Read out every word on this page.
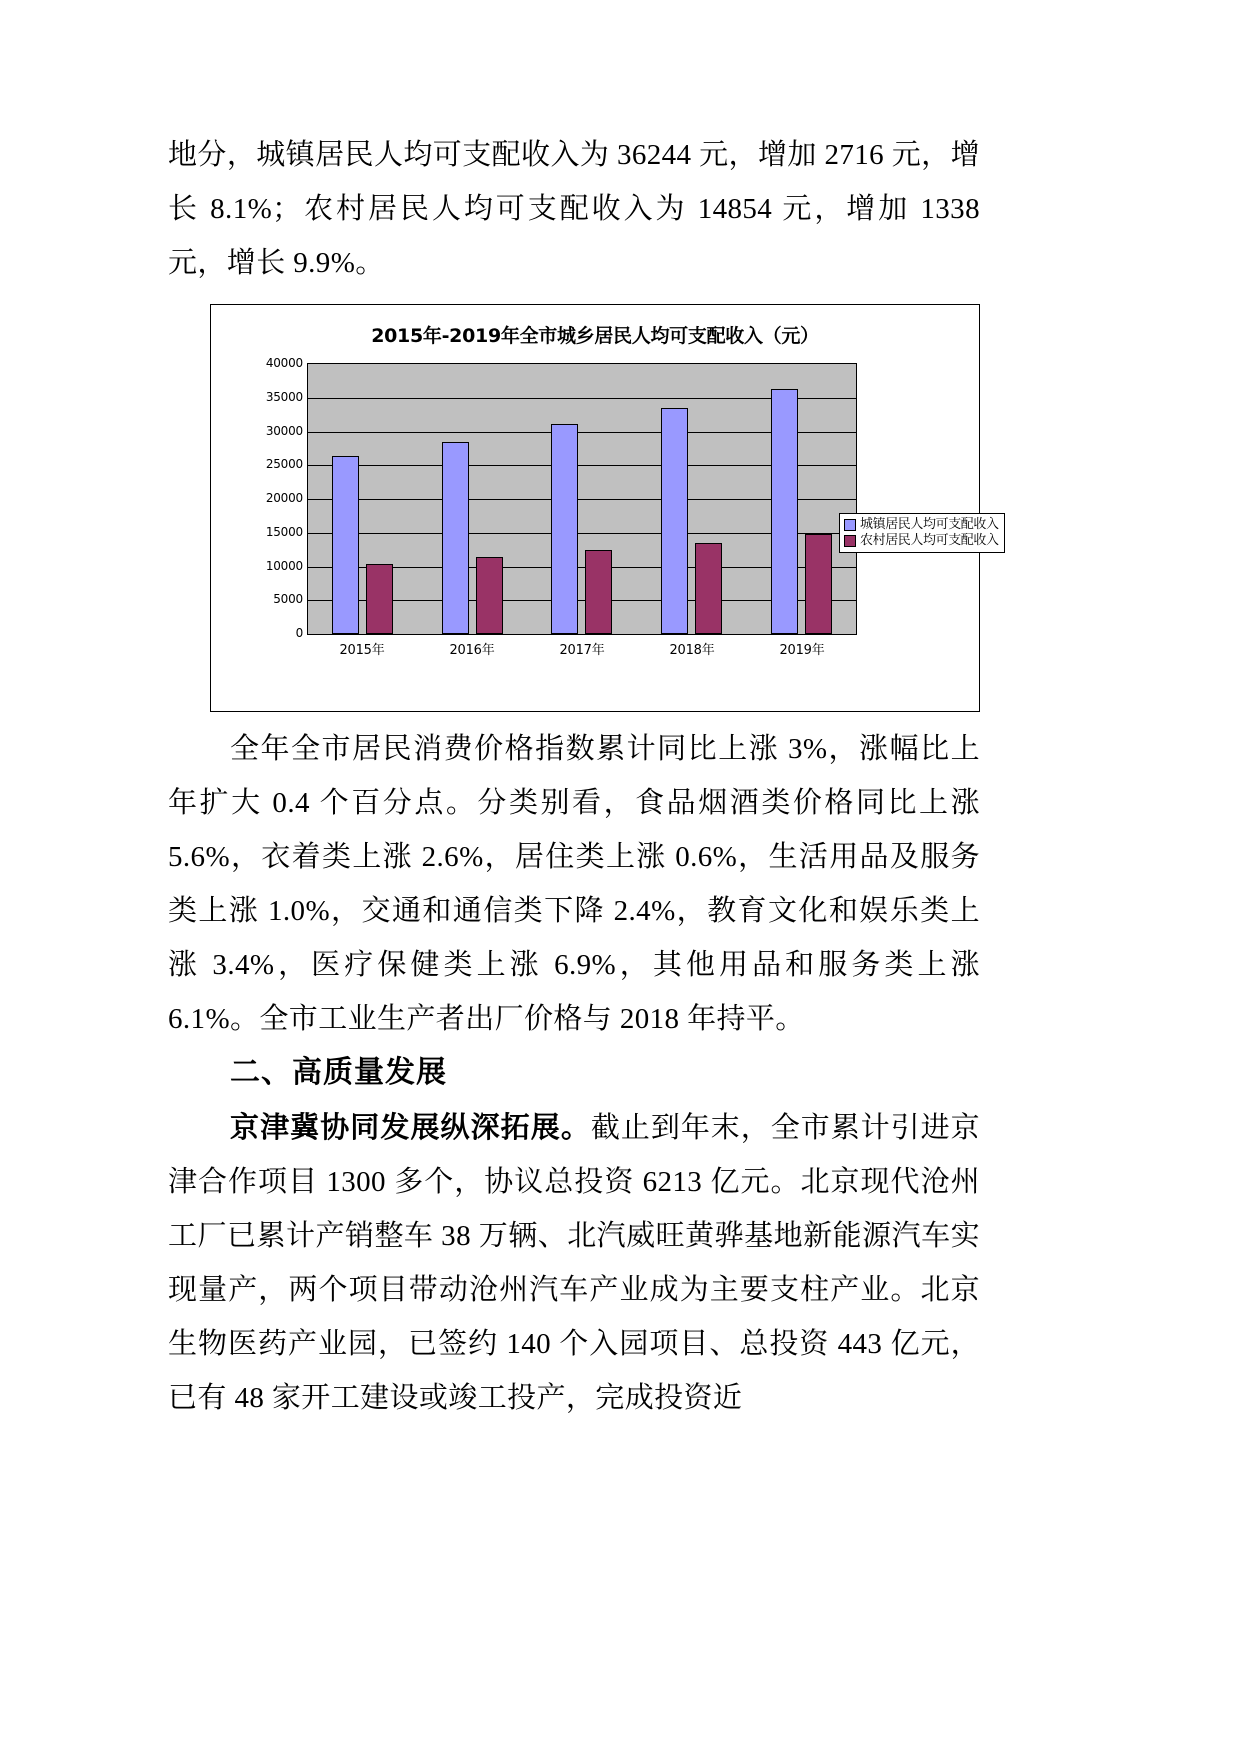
地分，城镇居民人均可支配收入为 36244 元，增加 2716 元，增长 8.1%；农村居民人均可支配收入为 14854 元，增加 1338 元，增长 9.9%。

2015年-2019年全市城乡居民人均可支配收入（元）
0
5000
10000
15000
20000
25000
30000
35000
40000
2015年	2016年	2017年	2018年	2019年
城镇居民人均可支配收入
农村居民人均可支配收入

全年全市居民消费价格指数累计同比上涨 3%，涨幅比上年扩大 0.4 个百分点。分类别看，食品烟酒类价格同比上涨 5.6%，衣着类上涨 2.6%，居住类上涨 0.6%，生活用品及服务类上涨 1.0%，交通和通信类下降 2.4%，教育文化和娱乐类上涨 3.4%，医疗保健类上涨 6.9%，其他用品和服务类上涨 6.1%。全市工业生产者出厂价格与 2018 年持平。

二、高质量发展

京津冀协同发展纵深拓展。截止到年末，全市累计引进京津合作项目 1300 多个，协议总投资 6213 亿元。北京现代沧州工厂已累计产销整车 38 万辆、北汽威旺黄骅基地新能源汽车实现量产，两个项目带动沧州汽车产业成为主要支柱产业。北京生物医药产业园，已签约 140 个入园项目、总投资 443 亿元，已有 48 家开工建设或竣工投产，完成投资近
